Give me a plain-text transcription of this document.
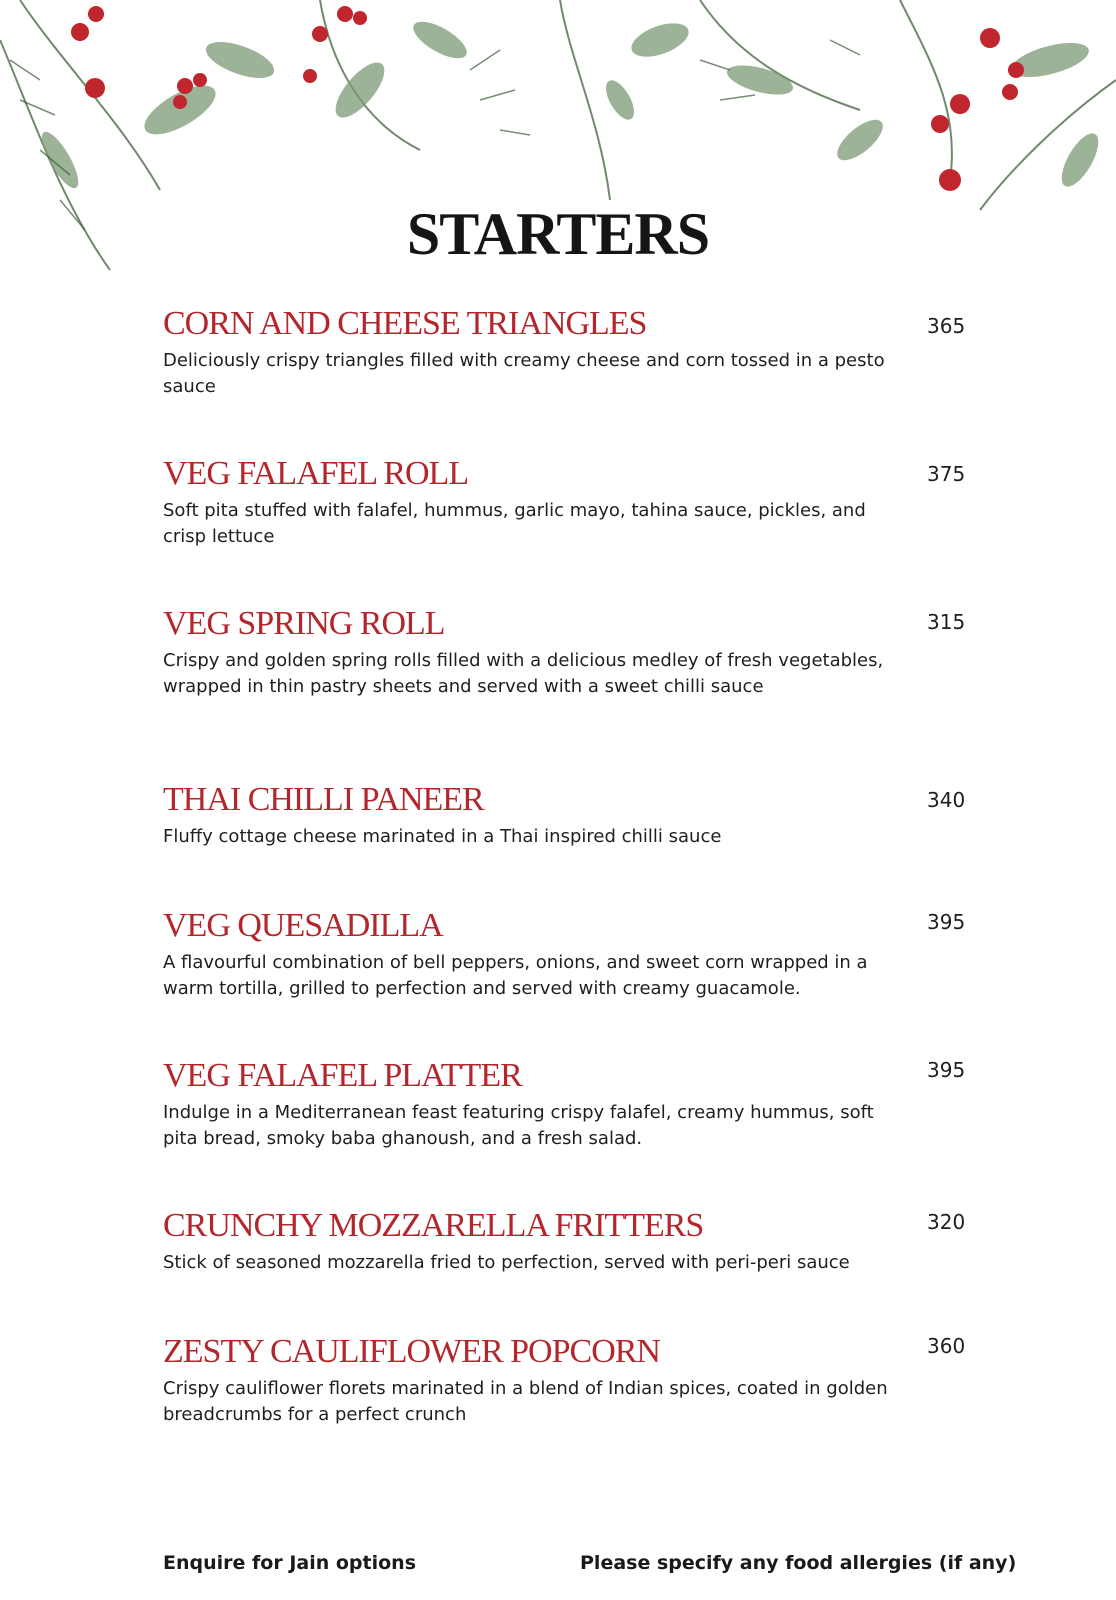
STARTERS
CORN AND CHEESE TRIANGLES
Deliciously crispy triangles filled with creamy cheese and corn tossed in a pesto sauce
365
VEG FALAFEL ROLL
Soft pita stuffed with falafel, hummus, garlic mayo, tahina sauce, pickles, and crisp lettuce
375
VEG SPRING ROLL
Crispy and golden spring rolls filled with a delicious medley of fresh vegetables, wrapped in thin pastry sheets and served with a sweet chilli sauce
315
THAI CHILLI PANEER
Fluffy cottage cheese marinated in a Thai inspired chilli sauce
340
VEG QUESADILLA
A flavourful combination of bell peppers, onions, and sweet corn wrapped in a warm tortilla, grilled to perfection and served with creamy guacamole.
395
VEG FALAFEL PLATTER
Indulge in a Mediterranean feast featuring crispy falafel, creamy hummus, soft pita bread, smoky baba ghanoush, and a fresh salad.
395
CRUNCHY MOZZARELLA FRITTERS
Stick of seasoned mozzarella fried to perfection, served with peri-peri sauce
320
ZESTY CAULIFLOWER POPCORN
Crispy cauliflower florets marinated in a blend of Indian spices, coated in golden breadcrumbs for a perfect crunch
360
Enquire for Jain options	Please specify any food allergies (if any)
